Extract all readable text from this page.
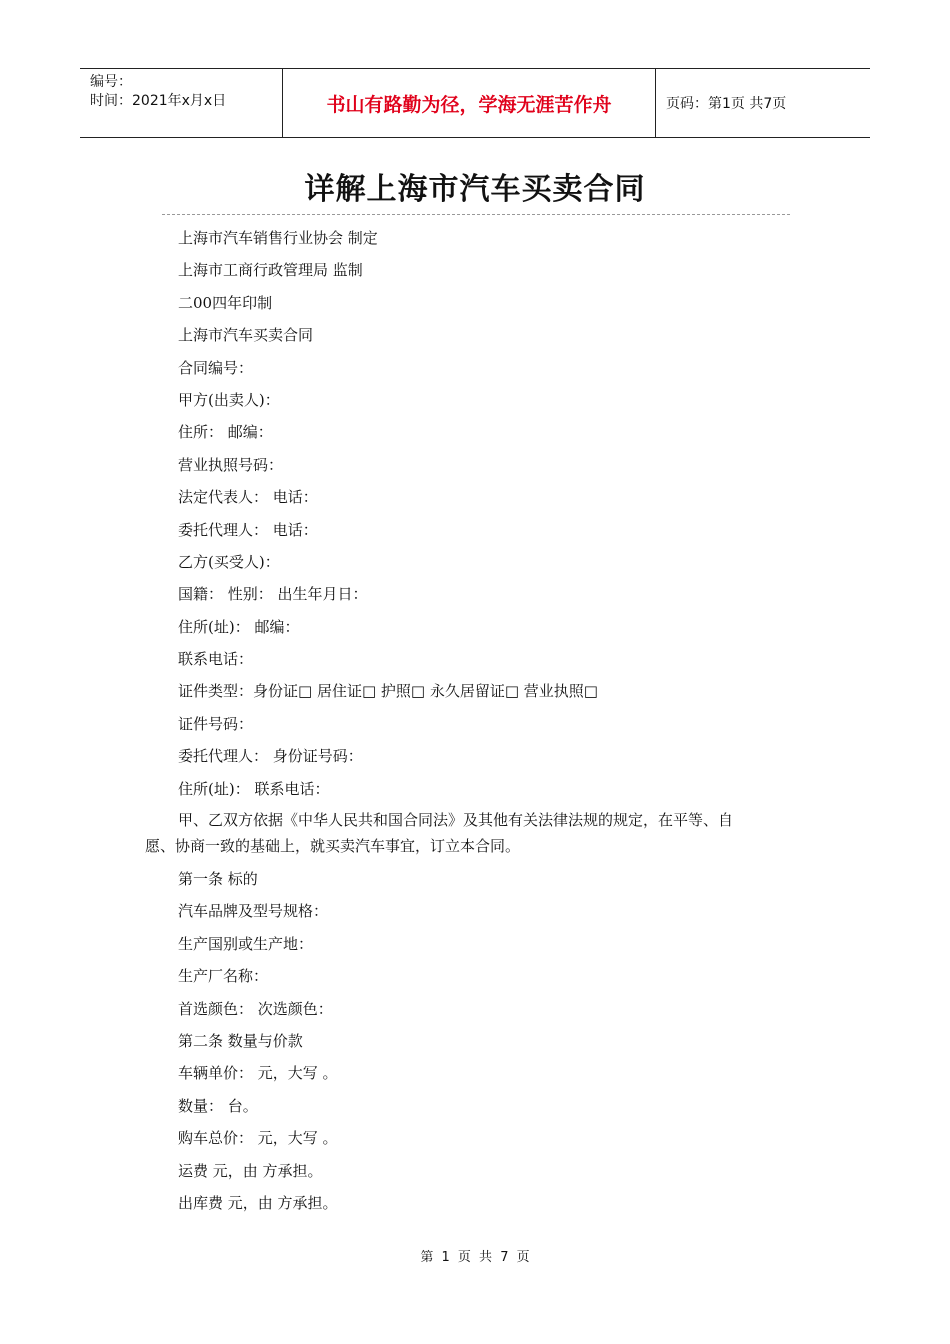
编号：
时间：2021年x月x日	书山有路勤为径，学海无涯苦作舟	页码：第1页 共7页
详解上海市汽车买卖合同
上海市汽车销售行业协会 制定
上海市工商行政管理局 监制
二00四年印制
上海市汽车买卖合同
合同编号：
甲方(出卖人)：
住所： 邮编：
营业执照号码：
法定代表人： 电话：
委托代理人： 电话：
乙方(买受人)：
国籍： 性别： 出生年月日：
住所(址)： 邮编：
联系电话：
证件类型：身份证□ 居住证□ 护照□ 永久居留证□ 营业执照□
证件号码：
委托代理人： 身份证号码：
住所(址)： 联系电话：
甲、乙双方依据《中华人民共和国合同法》及其他有关法律法规的规定，在平等、自
愿、协商一致的基础上，就买卖汽车事宜，订立本合同。
第一条 标的
汽车品牌及型号规格：
生产国别或生产地：
生产厂名称：
首选颜色： 次选颜色：
第二条 数量与价款
车辆单价： 元，大写 。
数量： 台。
购车总价： 元，大写 。
运费 元，由 方承担。
出库费 元，由 方承担。
第 1 页 共 7 页
